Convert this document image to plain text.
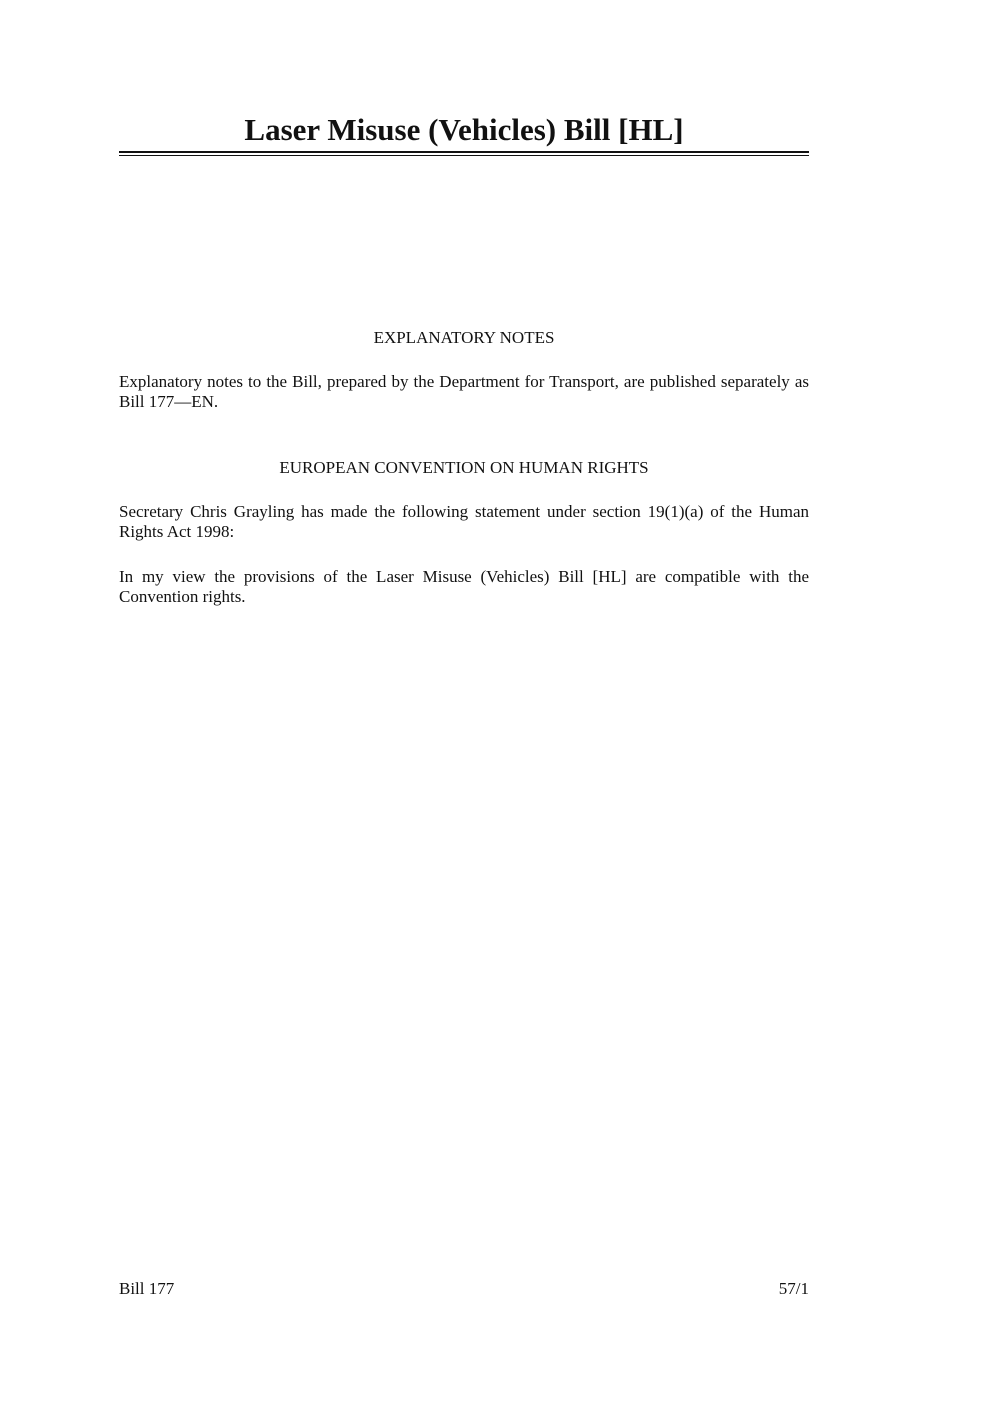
Laser Misuse (Vehicles) Bill [HL]
EXPLANATORY NOTES

Explanatory notes to the Bill, prepared by the Department for Transport, are published separately as Bill 177—EN.

EUROPEAN CONVENTION ON HUMAN RIGHTS

Secretary Chris Grayling has made the following statement under section 19(1)(a) of the Human Rights Act 1998:

In my view the provisions of the Laser Misuse (Vehicles) Bill [HL] are compatible with the Convention rights.

Bill 177	57/1
